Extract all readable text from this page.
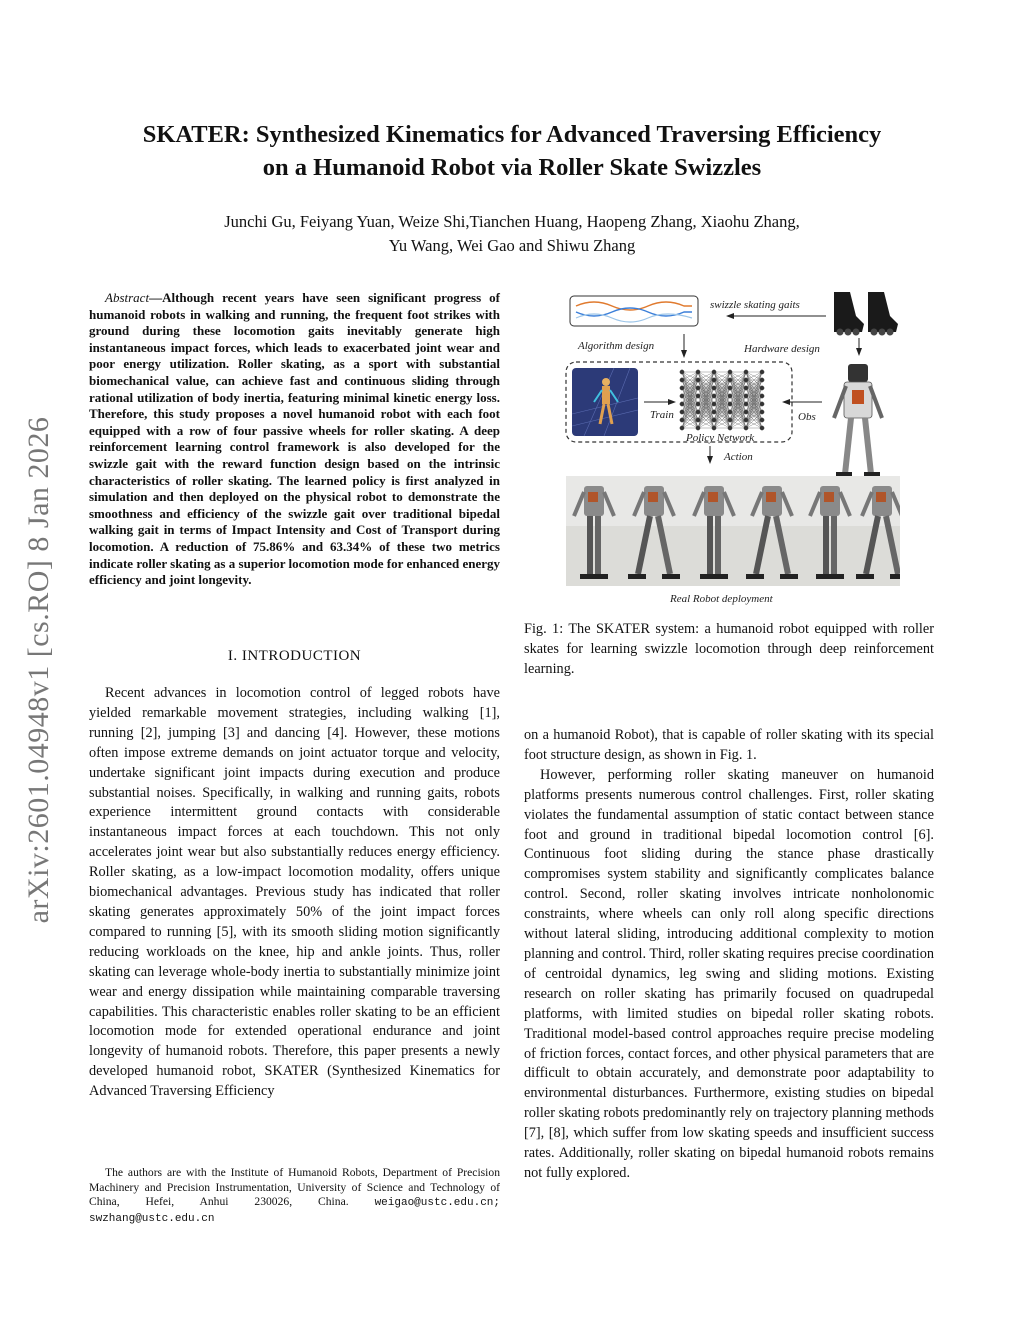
SKATER: Synthesized Kinematics for Advanced Traversing Efficiency
on a Humanoid Robot via Roller Skate Swizzles
Junchi Gu, Feiyang Yuan, Weize Shi,Tianchen Huang, Haopeng Zhang, Xiaohu Zhang,
Yu Wang, Wei Gao and Shiwu Zhang
arXiv:2601.04948v1 [cs.RO] 8 Jan 2026

Abstract—Although recent years have seen significant progress of humanoid robots in walking and running, the frequent foot strikes with ground during these locomotion gaits inevitably generate high instantaneous impact forces, which leads to exacerbated joint wear and poor energy utilization. Roller skating, as a sport with substantial biomechanical value, can achieve fast and continuous sliding through rational utilization of body inertia, featuring minimal kinetic energy loss. Therefore, this study proposes a novel humanoid robot with each foot equipped with a row of four passive wheels for roller skating. A deep reinforcement learning control framework is also developed for the swizzle gait with the reward function design based on the intrinsic characteristics of roller skating. The learned policy is first analyzed in simulation and then deployed on the physical robot to demonstrate the smoothness and efficiency of the swizzle gait over traditional bipedal walking gait in terms of Impact Intensity and Cost of Transport during locomotion. A reduction of 75.86% and 63.34% of these two metrics indicate roller skating as a superior locomotion mode for enhanced energy efficiency and joint longevity.

I. INTRODUCTION

Recent advances in locomotion control of legged robots have yielded remarkable movement strategies, including walking [1], running [2], jumping [3] and dancing [4]. However, these motions often impose extreme demands on joint actuator torque and velocity, undertake significant joint impacts during execution and produce substantial noises. Specifically, in walking and running gaits, robots experience intermittent ground contacts with considerable instantaneous impact forces at each touchdown. This not only accelerates joint wear but also substantially reduces energy efficiency. Roller skating, as a low-impact locomotion modality, offers unique biomechanical advantages. Previous study has indicated that roller skating generates approximately 50% of the joint impact forces compared to running [5], with its smooth sliding motion significantly reducing workloads on the knee, hip and ankle joints. Thus, roller skating can leverage whole-body inertia to substantially minimize joint wear and energy dissipation while maintaining comparable traversing capabilities. This characteristic enables roller skating to be an efficient locomotion mode for extended operational endurance and joint longevity of humanoid robots. Therefore, this paper presents a newly developed humanoid robot, SKATER (Synthesized Kinematics for Advanced Traversing Efficiency

The authors are with the Institute of Humanoid Robots, Department of Precision Machinery and Precision Instrumentation, University of Science and Technology of China, Hefei, Anhui 230026, China. weigao@ustc.edu.cn; swzhang@ustc.edu.cn

swizzle skating gaits
Algorithm design	Hardware design
Train
Policy Network
Obs
Action
Real Robot deployment
Fig. 1: The SKATER system: a humanoid robot equipped with roller skates for learning swizzle locomotion through deep reinforcement learning.

on a humanoid Robot), that is capable of roller skating with its special foot structure design, as shown in Fig. 1.

However, performing roller skating maneuver on humanoid platforms presents numerous control challenges. First, roller skating violates the fundamental assumption of static contact between stance foot and ground in traditional bipedal locomotion control [6]. Continuous foot sliding during the stance phase drastically compromises system stability and significantly complicates balance control. Second, roller skating involves intricate nonholonomic constraints, where wheels can only roll along specific directions without lateral sliding, introducing additional complexity to motion planning and control. Third, roller skating requires precise coordination of centroidal dynamics, leg swing and sliding motions. Existing research on roller skating has primarily focused on quadrupedal platforms, with limited studies on bipedal roller skating robots. Traditional model-based control approaches require precise modeling of friction forces, contact forces, and other physical parameters that are difficult to obtain accurately, and demonstrate poor adaptability to environmental disturbances. Furthermore, existing studies on bipedal roller skating robots predominantly rely on trajectory planning methods [7], [8], which suffer from low skating speeds and insufficient success rates. Additionally, roller skating on bipedal humanoid robots remains not fully explored.
